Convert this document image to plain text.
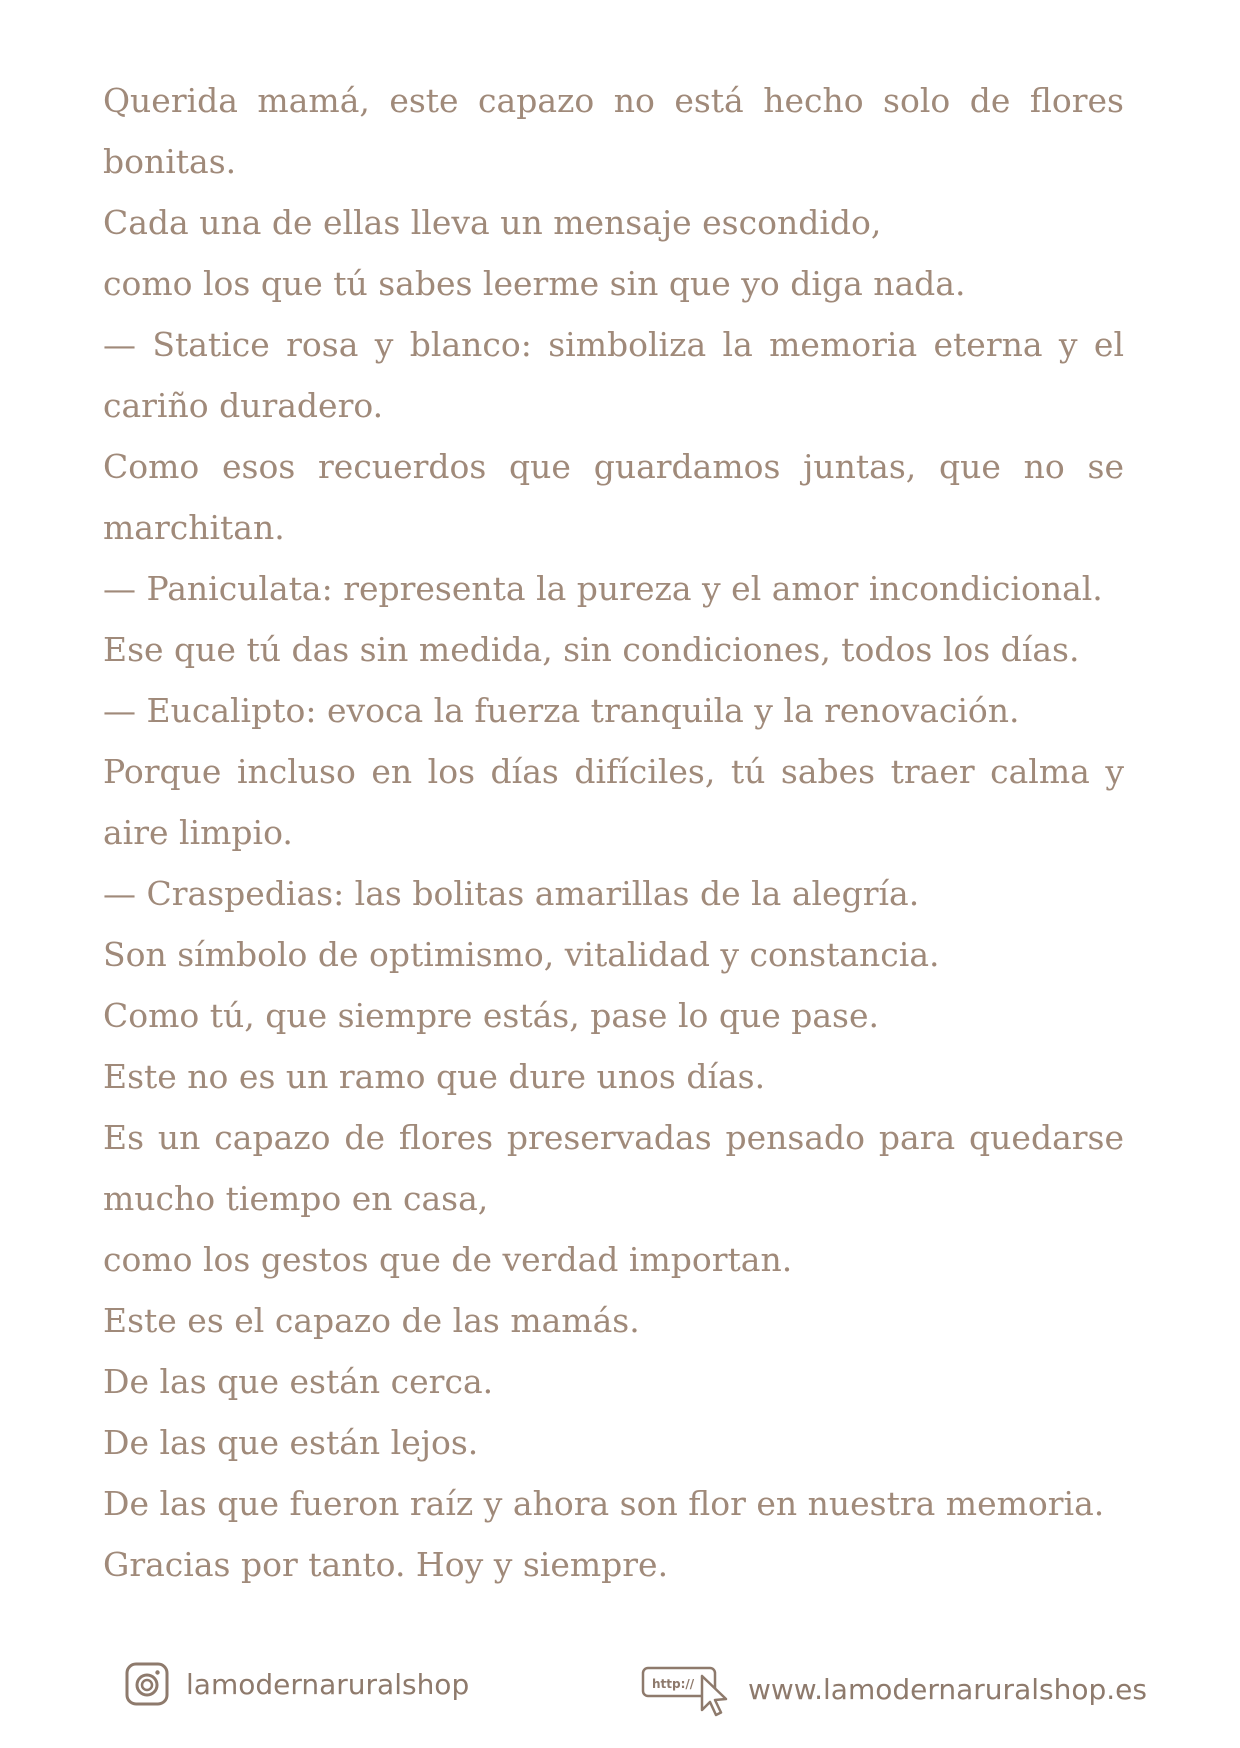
Querida mamá, este capazo no está hecho solo de flores bonitas.

Cada una de ellas lleva un mensaje escondido,

como los que tú sabes leerme sin que yo diga nada.

— Statice rosa y blanco: simboliza la memoria eterna y el cariño duradero.

Como esos recuerdos que guardamos juntas, que no se marchitan.

— Paniculata: representa la pureza y el amor incondicional.

Ese que tú das sin medida, sin condiciones, todos los días.

— Eucalipto: evoca la fuerza tranquila y la renovación.

Porque incluso en los días difíciles, tú sabes traer calma y aire limpio.

— Craspedias: las bolitas amarillas de la alegría.

Son símbolo de optimismo, vitalidad y constancia.

Como tú, que siempre estás, pase lo que pase.

Este no es un ramo que dure unos días.

Es un capazo de flores preservadas pensado para quedarse mucho tiempo en casa,

como los gestos que de verdad importan.

Este es el capazo de las mamás.

De las que están cerca.

De las que están lejos.

De las que fueron raíz y ahora son flor en nuestra memoria.

Gracias por tanto. Hoy y siempre.

lamodernaruralshop	http:// www.lamodernaruralshop.es
